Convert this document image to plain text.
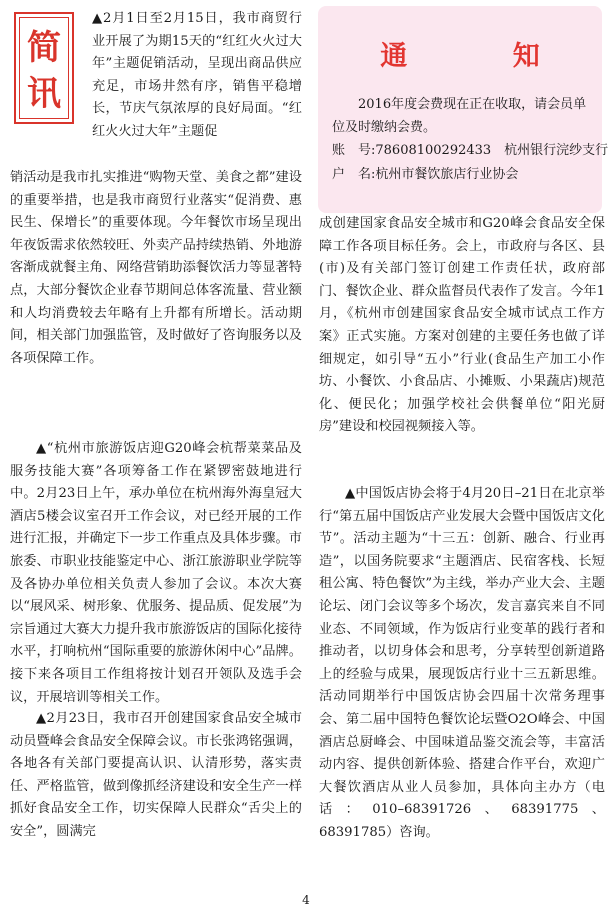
简
讯

▲2月1日至2月15日，我市商贸行业开展了为期15天的“红红火火过大年”主题促销活动，呈现出商品供应充足，市场井然有序，销售平稳增长，节庆气氛浓厚的良好局面。“红红火火过大年”主题促

销活动是我市扎实推进“购物天堂、美食之都”建设的重要举措，也是我市商贸行业落实“促消费、惠民生、保增长”的重要体现。今年餐饮市场呈现出年夜饭需求依然较旺、外卖产品持续热销、外地游客渐成就餐主角、网络营销助添餐饮活力等显著特点，大部分餐饮企业春节期间总体客流量、营业额和人均消费较去年略有上升都有所增长。活动期间，相关部门加强监管，及时做好了咨询服务以及各项保障工作。

▲“杭州市旅游饭店迎G20峰会杭帮菜菜品及服务技能大赛”各项筹备工作在紧锣密鼓地进行中。2月23日上午，承办单位在杭州海外海皇冠大酒店5楼会议室召开工作会议，对已经开展的工作进行汇报，并确定下一步工作重点及具体步骤。市旅委、市职业技能鉴定中心、浙江旅游职业学院等及各协办单位相关负责人参加了会议。本次大赛以“展风采、树形象、优服务、提品质、促发展”为宗旨通过大赛大力提升我市旅游饭店的国际化接待水平，打响杭州“国际重要的旅游休闲中心”品牌。接下来各项目工作组将按计划召开领队及选手会议，开展培训等相关工作。

▲2月23日，我市召开创建国家食品安全城市动员暨峰会食品安全保障会议。市长张鸿铭强调，各地各有关部门要提高认识、认清形势，落实责任、严格监管，做到像抓经济建设和安全生产一样抓好食品安全工作，切实保障人民群众“舌尖上的安全”，圆满完

通 知

2016年度会费现在正在收取，请会员单

位及时缴纳会费。

账　号:78608100292433　杭州银行浣纱支行

户　名:杭州市餐饮旅店行业协会

成创建国家食品安全城市和G20峰会食品安全保障工作各项目标任务。会上，市政府与各区、县(市)及有关部门签订创建工作责任状，政府部门、餐饮企业、群众监督员代表作了发言。今年1月，《杭州市创建国家食品安全城市试点工作方案》正式实施。方案对创建的主要任务也做了详细规定，如引导“五小”行业(食品生产加工小作坊、小餐饮、小食品店、小摊贩、小果蔬店)规范化、便民化；加强学校社会供餐单位“阳光厨房”建设和校园视频接入等。

▲中国饭店协会将于4月20日–21日在北京举行“第五届中国饭店产业发展大会暨中国饭店文化节”。活动主题为“十三五：创新、融合、行业再造”，以国务院要求“主题酒店、民宿客栈、长短租公寓、特色餐饮”为主线，举办产业大会、主题论坛、闭门会议等多个场次，发言嘉宾来自不同业态、不同领域，作为饭店行业变革的践行者和推动者，以切身体会和思考，分享转型创新道路上的经验与成果，展现饭店行业十三五新思维。活动同期举行中国饭店协会四届十次常务理事会、第二届中国特色餐饮论坛暨O2O峰会、中国酒店总厨峰会、中国味道品鉴交流会等，丰富活动内容、提供创新体验、搭建合作平台，欢迎广大餐饮酒店从业人员参加，具体向主办方（电话：010–68391726、68391775、68391785）咨询。

4
